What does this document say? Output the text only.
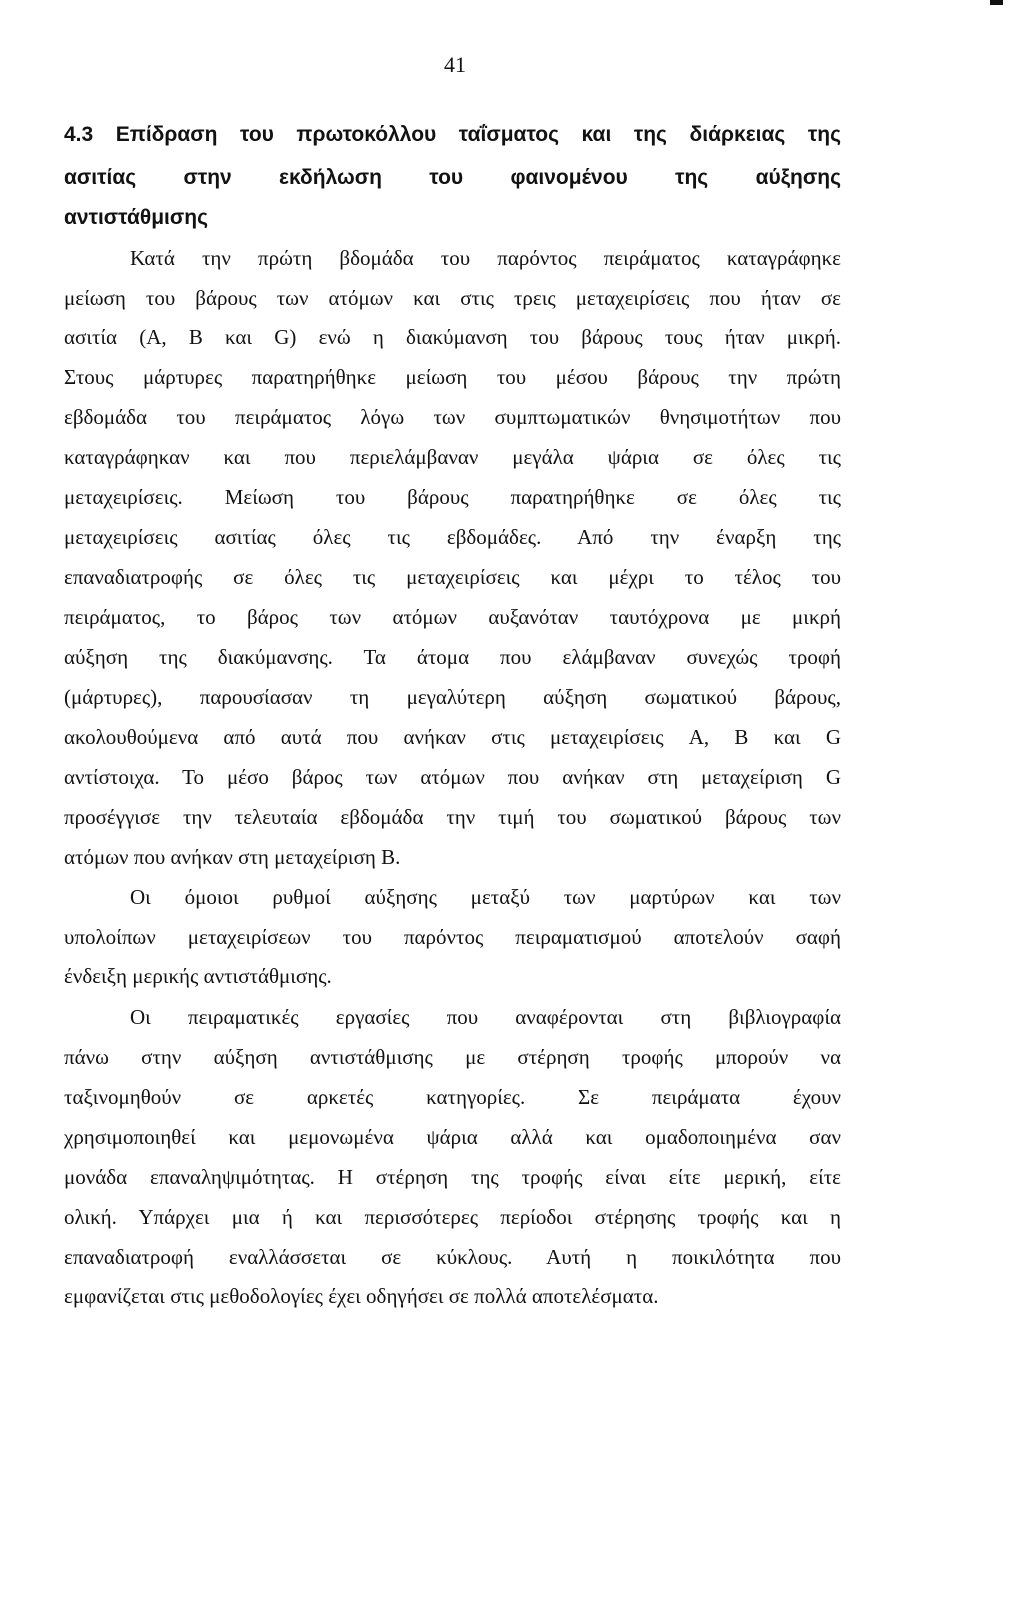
41
4.3 Επίδραση του πρωτοκόλλου ταΐσματος και της διάρκειας της
ασιτίας στην εκδήλωση του φαινομένου της αύξησης
αντιστάθμισης
Κατά την πρώτη βδομάδα του παρόντος πειράματος καταγράφηκε
μείωση του βάρους των ατόμων και στις τρεις μεταχειρίσεις που ήταν σε
ασιτία (A, B και G) ενώ η διακύμανση του βάρους τους ήταν μικρή.
Στους μάρτυρες παρατηρήθηκε μείωση του μέσου βάρους την πρώτη
εβδομάδα του πειράματος λόγω των συμπτωματικών θνησιμοτήτων που
καταγράφηκαν και που περιελάμβαναν μεγάλα ψάρια σε όλες τις
μεταχειρίσεις. Μείωση του βάρους παρατηρήθηκε σε όλες τις
μεταχειρίσεις ασιτίας όλες τις εβδομάδες. Από την έναρξη της
επαναδιατροφής σε όλες τις μεταχειρίσεις και μέχρι το τέλος του
πειράματος, το βάρος των ατόμων αυξανόταν ταυτόχρονα με μικρή
αύξηση της διακύμανσης. Τα άτομα που ελάμβαναν συνεχώς τροφή
(μάρτυρες), παρουσίασαν τη μεγαλύτερη αύξηση σωματικού βάρους,
ακολουθούμενα από αυτά που ανήκαν στις μεταχειρίσεις A, B και G
αντίστοιχα. Το μέσο βάρος των ατόμων που ανήκαν στη μεταχείριση G
προσέγγισε την τελευταία εβδομάδα την τιμή του σωματικού βάρους των
ατόμων που ανήκαν στη μεταχείριση B.
Οι όμοιοι ρυθμοί αύξησης μεταξύ των μαρτύρων και των
υπολοίπων μεταχειρίσεων του παρόντος πειραματισμού αποτελούν σαφή
ένδειξη μερικής αντιστάθμισης.
Οι πειραματικές εργασίες που αναφέρονται στη βιβλιογραφία
πάνω στην αύξηση αντιστάθμισης με στέρηση τροφής μπορούν να
ταξινομηθούν σε αρκετές κατηγορίες. Σε πειράματα έχουν
χρησιμοποιηθεί και μεμονωμένα ψάρια αλλά και ομαδοποιημένα σαν
μονάδα επαναληψιμότητας. Η στέρηση της τροφής είναι είτε μερική, είτε
ολική. Υπάρχει μια ή και περισσότερες περίοδοι στέρησης τροφής και η
επαναδιατροφή εναλλάσσεται σε κύκλους. Αυτή η ποικιλότητα που
εμφανίζεται στις μεθοδολογίες έχει οδηγήσει σε πολλά αποτελέσματα.
